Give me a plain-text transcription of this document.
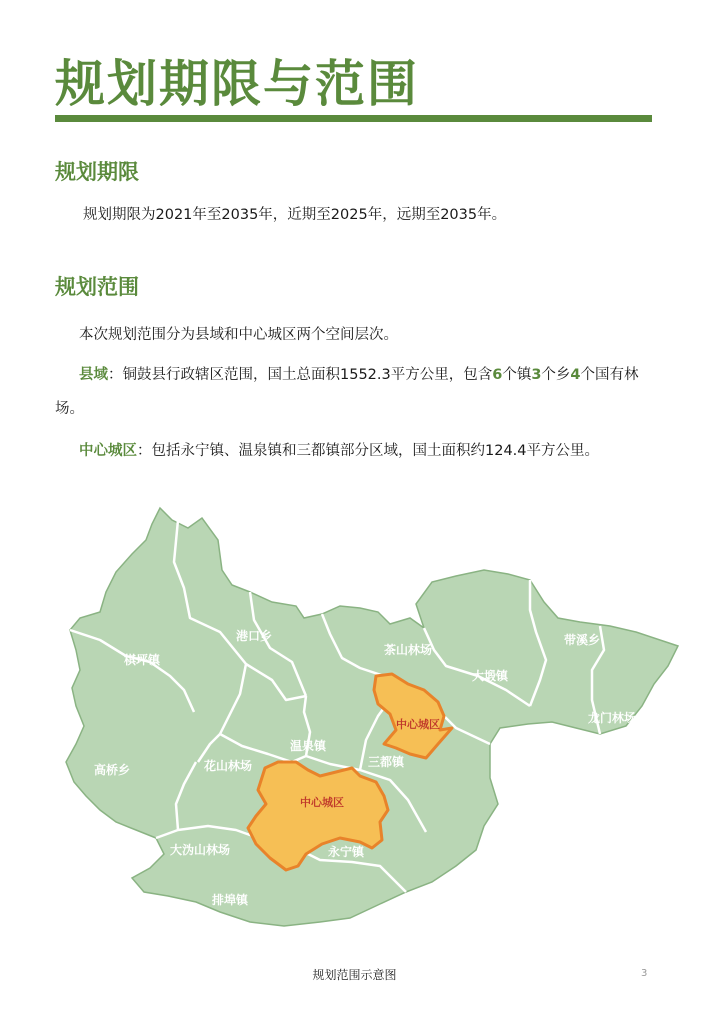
规划期限与范围
规划期限

规划期限为2021年至2035年，近期至2025年，远期至2035年。

规划范围

本次规划范围分为县域和中心城区两个空间层次。

县域：铜鼓县行政辖区范围，国土总面积1552.3平方公里，包含6个镇3个乡4个国有林场。

中心城区：包括永宁镇、温泉镇和三都镇部分区域，国土面积约124.4平方公里。

港口乡
棋坪镇
茶山林场
大塅镇
带溪乡
龙门林场
高桥乡	花山林场
温泉镇
三都镇
永宁镇
大沩山林场
排埠镇
中心城区
中心城区
规划范围示意图	3
